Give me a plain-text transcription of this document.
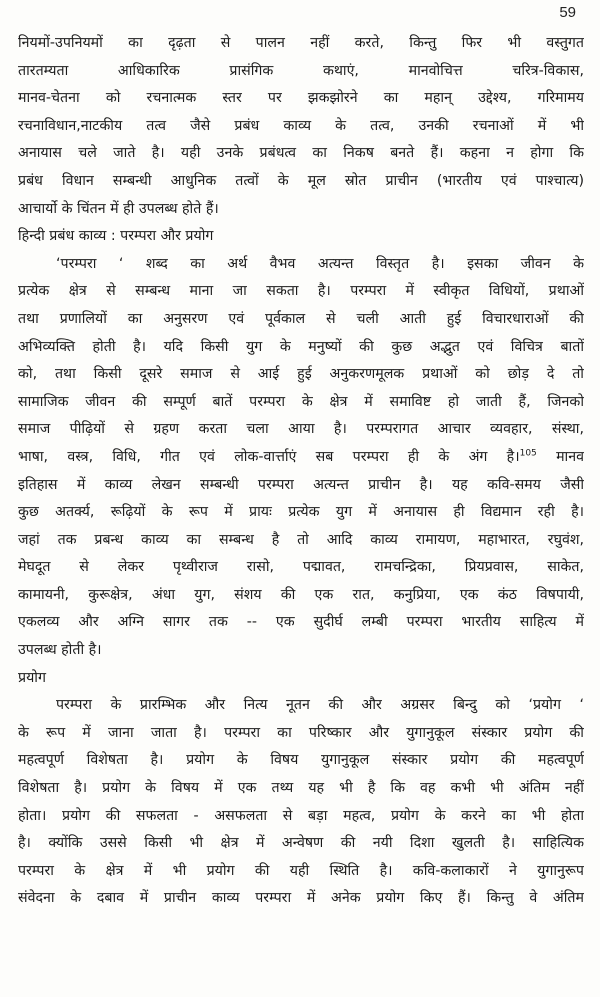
59
नियमों-उपनियमों का दृढ़ता से पालन नहीं करते, किन्तु फिर भी वस्तुगत
तारतम्यता आधिकारिक प्रासंगिक कथाएं, मानवोचित्त चरित्र-विकास,
मानव-चेतना को रचनात्मक स्तर पर झकझोरने का महान् उद्देश्य, गरिमामय
रचनाविधान,नाटकीय तत्व जैसे प्रबंध काव्य के तत्व, उनकी रचनाओं में भी
अनायास चले जाते है। यही उनके प्रबंधत्व का निकष बनते हैं। कहना न होगा कि
प्रबंध विधान सम्बन्धी आधुनिक तत्वों के मूल स्रोत प्राचीन (भारतीय एवं पाश्चात्य)
आचार्यो के चिंतन में ही उपलब्ध होते हैं।
हिन्दी प्रबंध काव्य : परम्परा और प्रयोग
‘परम्परा ‘ शब्द का अर्थ वैभव अत्यन्त विस्तृत है। इसका जीवन के
प्रत्येक क्षेत्र से सम्बन्ध माना जा सकता है। परम्परा में स्वीकृत विधियों, प्रथाओं
तथा प्रणालियों का अनुसरण एवं पूर्वकाल से चली आती हुई विचारधाराओं की
अभिव्यक्ति होती है। यदि किसी युग के मनुष्यों की कुछ अद्भुत एवं विचित्र बातों
को, तथा किसी दूसरे समाज से आई हुई अनुकरणमूलक प्रथाओं को छोड़ दे तो
सामाजिक जीवन की सम्पूर्ण बातें परम्परा के क्षेत्र में समाविष्ट हो जाती हैं, जिनको
समाज पीढ़ियों से ग्रहण करता चला आया है। परम्परागत आचार व्यवहार, संस्था,
भाषा, वस्त्र, विधि, गीत एवं लोक-वार्त्ताएं सब परम्परा ही के अंग है।$^{105}$ मानव
इतिहास में काव्य लेखन सम्बन्धी परम्परा अत्यन्त प्राचीन है। यह कवि-समय जैसी
कुछ अतर्क्य, रूढ़ियों के रूप में प्रायः प्रत्येक युग में अनायास ही विद्यमान रही है।
जहां तक प्रबन्ध काव्य का सम्बन्ध है तो आदि काव्य रामायण, महाभारत, रघुवंश,
मेघदूत से लेकर पृथ्वीराज रासो, पद्मावत, रामचन्द्रिका, प्रियप्रवास, साकेत,
कामायनी, कुरूक्षेत्र, अंधा युग, संशय की एक रात, कनुप्रिया, एक कंठ विषपायी,
एकलव्य और अग्नि सागर तक -- एक सुदीर्घ लम्बी परम्परा भारतीय साहित्य में
उपलब्ध होती है।
प्रयोग
परम्परा के प्रारम्भिक और नित्य नूतन की और अग्रसर बिन्दु को ‘प्रयोग ‘
के रूप में जाना जाता है। परम्परा का परिष्कार और युगानुकूल संस्कार प्रयोग की
महत्वपूर्ण विशेषता है। प्रयोग के विषय युगानुकूल संस्कार प्रयोग की महत्वपूर्ण
विशेषता है। प्रयोग के विषय में एक तथ्य यह भी है कि वह कभी भी अंतिम नहीं
होता। प्रयोग की सफलता - असफलता से बड़ा महत्व, प्रयोग के करने का भी होता
है। क्योंकि उससे किसी भी क्षेत्र में अन्वेषण की नयी दिशा खुलती है। साहित्यिक
परम्परा के क्षेत्र में भी प्रयोग की यही स्थिति है। कवि-कलाकारों ने युगानुरूप
संवेदना के दबाव में प्राचीन काव्य परम्परा में अनेक प्रयोग किए हैं। किन्तु वे अंतिम
